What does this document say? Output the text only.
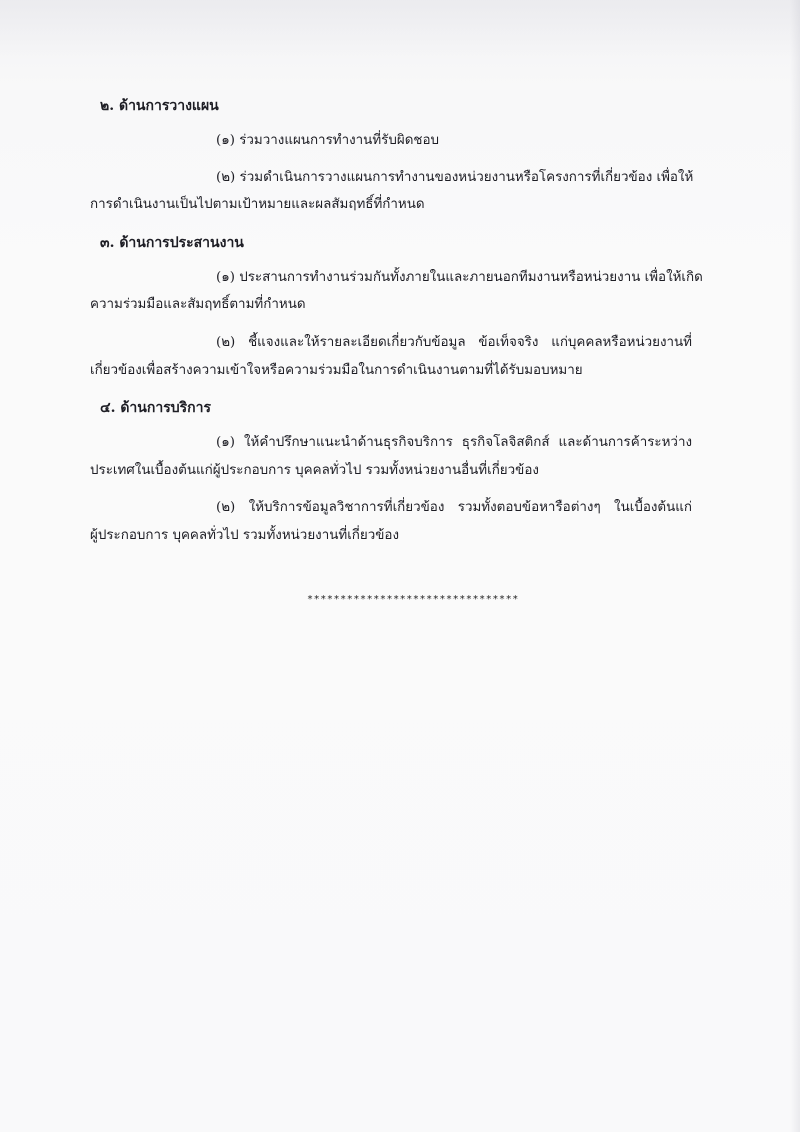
๒. ด้านการวางแผน
(๑) ร่วมวางแผนการทำงานที่รับผิดชอบ
(๒) ร่วมดำเนินการวางแผนการทำงานของหน่วยงานหรือโครงการที่เกี่ยวข้อง เพื่อให้
การดำเนินงานเป็นไปตามเป้าหมายและผลสัมฤทธิ์ที่กำหนด
๓. ด้านการประสานงาน
(๑) ประสานการทำงานร่วมกันทั้งภายในและภายนอกทีมงานหรือหน่วยงาน เพื่อให้เกิด
ความร่วมมือและสัมฤทธิ์ตามที่กำหนด
(๒) ชี้แจงและให้รายละเอียดเกี่ยวกับข้อมูล ข้อเท็จจริง แก่บุคคลหรือหน่วยงานที่
เกี่ยวข้องเพื่อสร้างความเข้าใจหรือความร่วมมือในการดำเนินงานตามที่ได้รับมอบหมาย
๔. ด้านการบริการ
(๑) ให้คำปรึกษาแนะนำด้านธุรกิจบริการ ธุรกิจโลจิสติกส์ และด้านการค้าระหว่าง
ประเทศในเบื้องต้นแก่ผู้ประกอบการ บุคคลทั่วไป รวมทั้งหน่วยงานอื่นที่เกี่ยวข้อง
(๒) ให้บริการข้อมูลวิชาการที่เกี่ยวข้อง รวมทั้งตอบข้อหารือต่างๆ ในเบื้องต้นแก่
ผู้ประกอบการ บุคคลทั่วไป รวมทั้งหน่วยงานที่เกี่ยวข้อง
********************************
